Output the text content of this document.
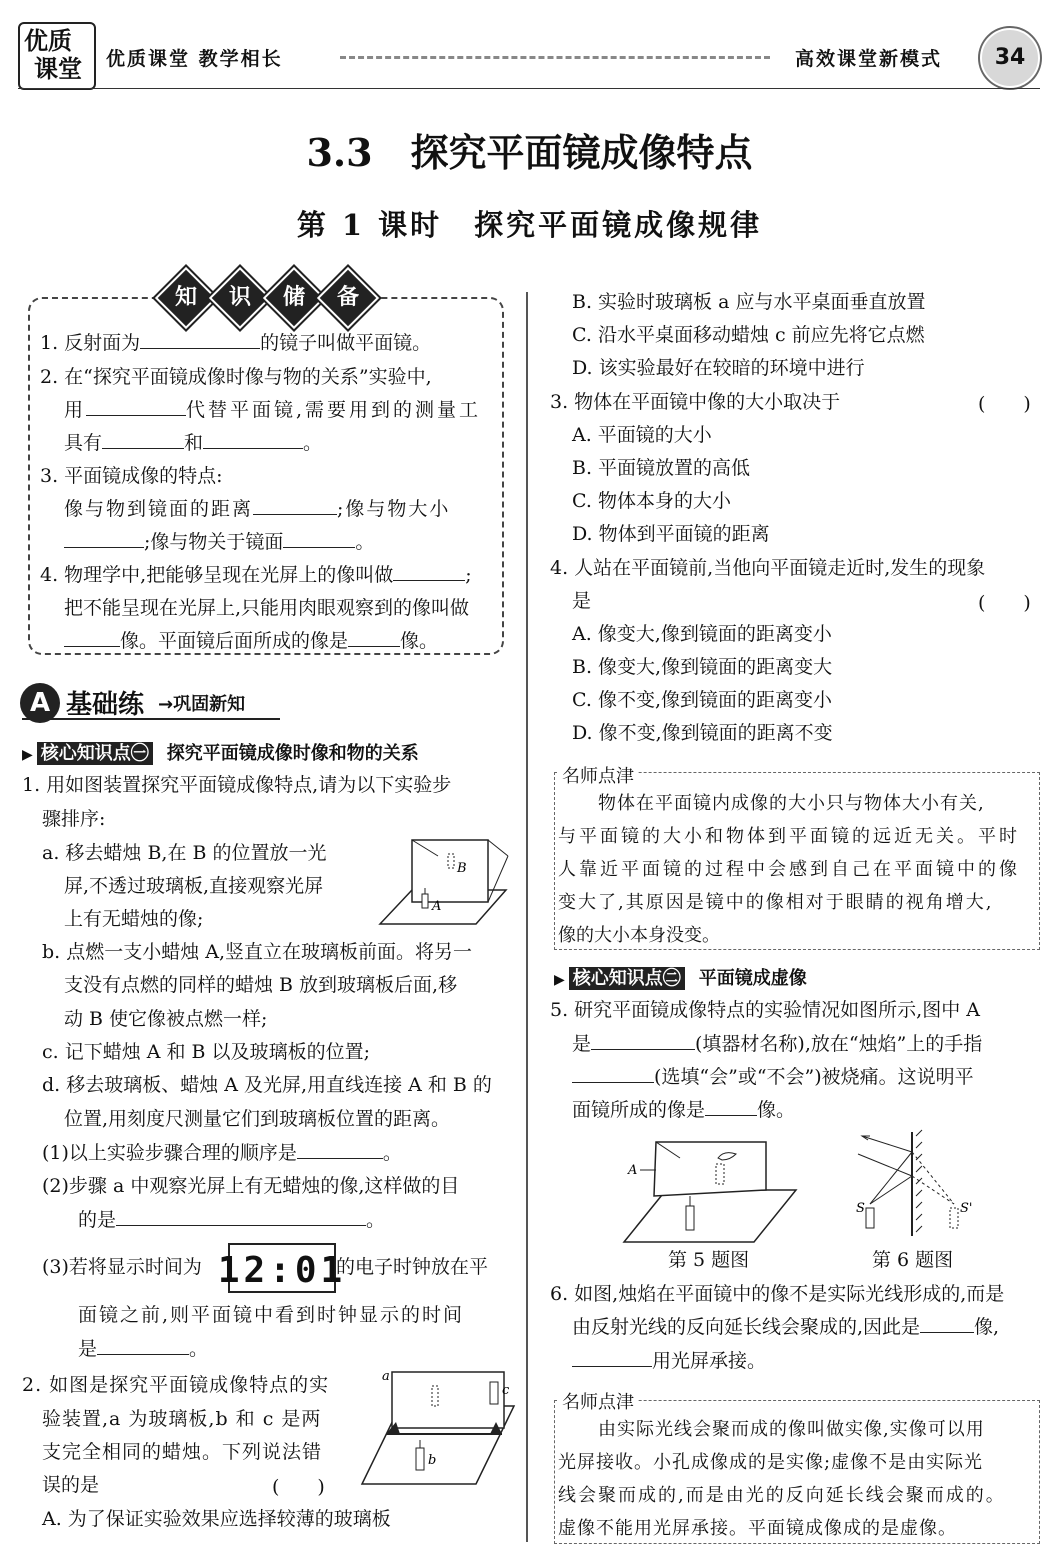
优质
课堂 优质课堂 教学相长	高效课堂新模式	34
3.3　探究平面镜成像特点
第 1 课时　探究平面镜成像规律
知	识	储	备
1. 反射面为	的镜子叫做平面镜。
2. 在“探究平面镜成像时像与物的关系”实验中,
用	代替平面镜,需要用到的测量工
具有	和	。
3. 平面镜成像的特点:
像与物到镜面的距离	;像与物大小
;像与物关于镜面	。
4. 物理学中,把能够呈现在光屏上的像叫做	;
把不能呈现在光屏上,只能用肉眼观察到的像叫做
像。平面镜后面所成的像是	像。
A 基础练 →巩固新知
▶ 核心知识点㊀ 探究平面镜成像时像和物的关系
1. 用如图装置探究平面镜成像特点,请为以下实验步
骤排序:
a. 移去蜡烛 B,在 B 的位置放一光
屏,不透过玻璃板,直接观察光屏
上有无蜡烛的像;
b. 点燃一支小蜡烛 A,竖直立在玻璃板前面。将另一
支没有点燃的同样的蜡烛 B 放到玻璃板后面,移
动 B 使它像被点燃一样;
c. 记下蜡烛 A 和 B 以及玻璃板的位置;
d. 移去玻璃板、蜡烛 A 及光屏,用直线连接 A 和 B 的
位置,用刻度尺测量它们到玻璃板位置的距离。
(1)以上实验步骤合理的顺序是	。
(2)步骤 a 中观察光屏上有无蜡烛的像,这样做的目
的是	。
(3)若将显示时间为 12:01
的电子时钟放在平
面镜之前,则平面镜中看到时钟显示的时间
是	。
B
A
2. 如图是探究平面镜成像特点的实
验装置,a 为玻璃板,b 和 c 是两
支完全相同的蜡烛。下列说法错
误的是	(　　)
A. 为了保证实验效果应选择较薄的玻璃板
a
c
b
B. 实验时玻璃板 a 应与水平桌面垂直放置
C. 沿水平桌面移动蜡烛 c 前应先将它点燃
D. 该实验最好在较暗的环境中进行
3. 物体在平面镜中像的大小取决于	(　　)
A. 平面镜的大小
B. 平面镜放置的高低
C. 物体本身的大小
D. 物体到平面镜的距离
4. 人站在平面镜前,当他向平面镜走近时,发生的现象
是	(　　)
A. 像变大,像到镜面的距离变小
B. 像变大,像到镜面的距离变大
C. 像不变,像到镜面的距离变小
D. 像不变,像到镜面的距离不变
名师点津
物体在平面镜内成像的大小只与物体大小有关,
与平面镜的大小和物体到平面镜的远近无关。平时
人靠近平面镜的过程中会感到自己在平面镜中的像
变大了,其原因是镜中的像相对于眼睛的视角增大,
像的大小本身没变。
▶ 核心知识点㊁ 平面镜成虚像
5. 研究平面镜成像特点的实验情况如图所示,图中 A
是	(填器材名称),放在“烛焰”上的手指
(选填“会”或“不会”)被烧痛。这说明平
面镜所成的像是	像。
A
第 5 题图
S	S'
第 6 题图
6. 如图,烛焰在平面镜中的像不是实际光线形成的,而是
由反射光线的反向延长线会聚成的,因此是	像,
用光屏承接。
名师点津
由实际光线会聚而成的像叫做实像,实像可以用
光屏接收。小孔成像成的是实像;虚像不是由实际光
线会聚而成的,而是由光的反向延长线会聚而成的。
虚像不能用光屏承接。平面镜成像成的是虚像。
